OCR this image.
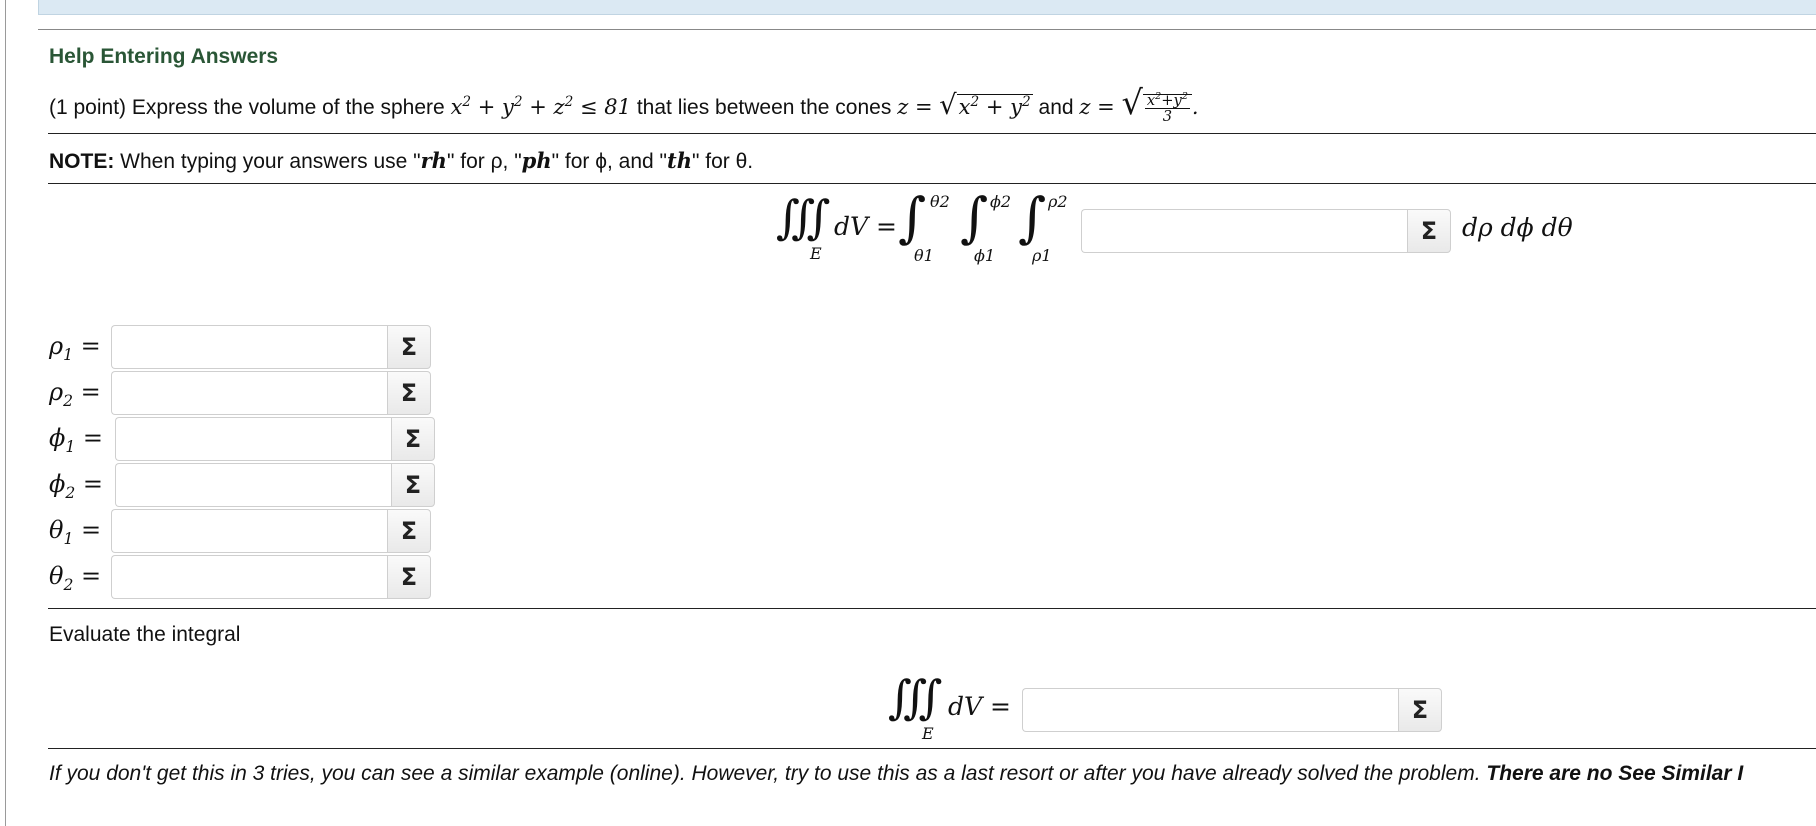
Help Entering Answers
(1 point) Express the volume of the sphere $x^2 + y^2 + z^2 \le 81$ that lies between the cones $z = √x^2 + y^2$ and z = √ $\frac{x^2+y^2}{3}$ .
NOTE: When typing your answers use "rh" for ρ, "ph" for ϕ, and "th" for θ.
∭
E
dV = ∫ θ2
θ1
∫ ϕ2
ϕ1
∫ ρ2
ρ1
Σ dρ dϕ dθ
$\rho_1$ =	Σ
$\rho_2$ =	Σ
$\phi_1$ =	Σ
$\phi_2$ =	Σ
$\theta_1$ =	Σ
$\theta_2$ =	Σ
Evaluate the integral
∭
E
dV =	Σ
If you don't get this in 3 tries, you can see a similar example (online). However, try to use this as a last resort or after you have already solved the problem. There are no See Similar I
